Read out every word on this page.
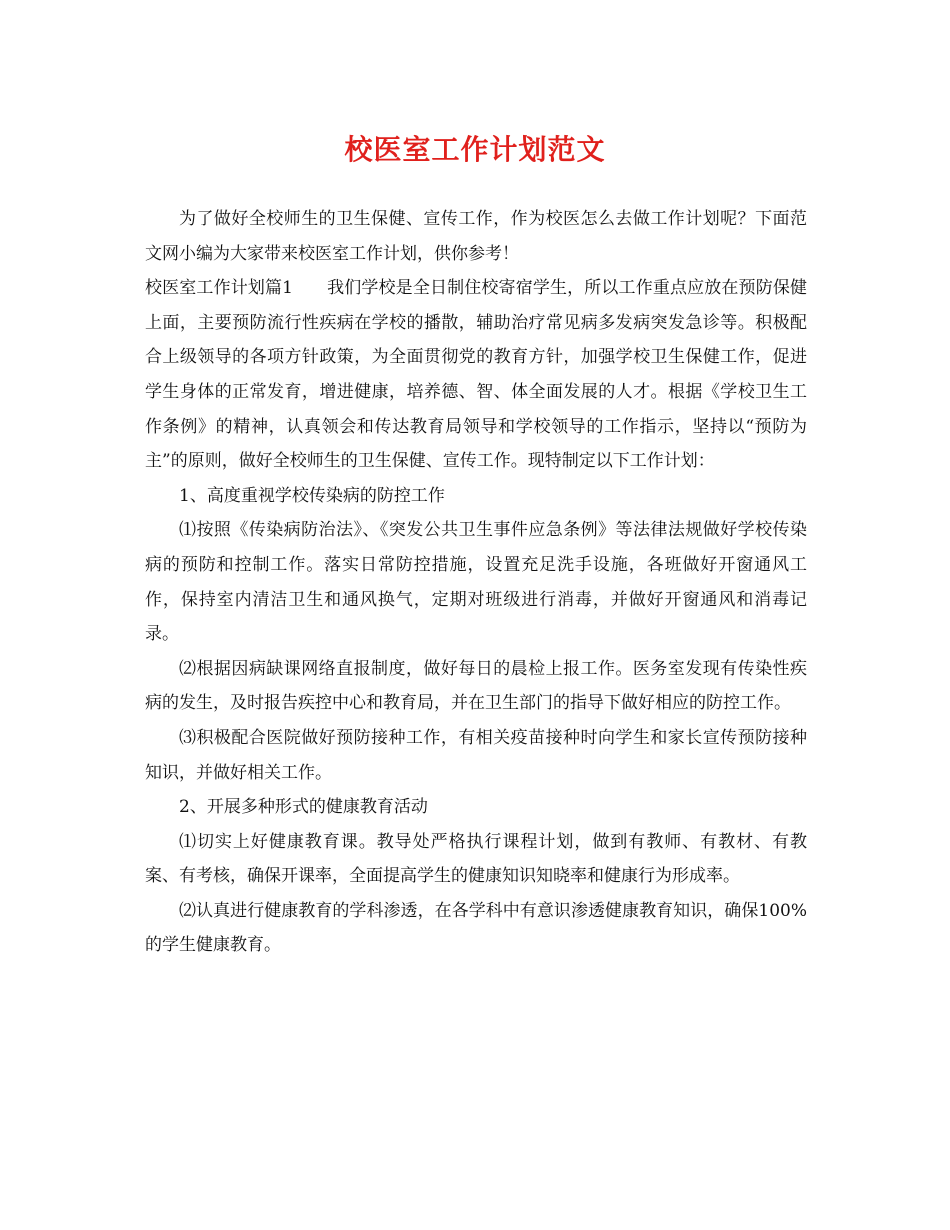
校医室工作计划范文

为了做好全校师生的卫生保健、宣传工作，作为校医怎么去做工作计划呢？下面范文网小编为大家带来校医室工作计划，供你参考！

校医室工作计划篇1 我们学校是全日制住校寄宿学生，所以工作重点应放在预防保健上面，主要预防流行性疾病在学校的播散，辅助治疗常见病多发病突发急诊等。积极配合上级领导的各项方针政策，为全面贯彻党的教育方针，加强学校卫生保健工作，促进学生身体的正常发育，增进健康，培养德、智、体全面发展的人才。根据《学校卫生工作条例》的精神，认真领会和传达教育局领导和学校领导的工作指示，坚持以“预防为主”的原则，做好全校师生的卫生保健、宣传工作。现特制定以下工作计划：

1、高度重视学校传染病的防控工作

⑴按照《传染病防治法》、《突发公共卫生事件应急条例》等法律法规做好学校传染病的预防和控制工作。落实日常防控措施，设置充足洗手设施，各班做好开窗通风工作，保持室内清洁卫生和通风换气，定期对班级进行消毒，并做好开窗通风和消毒记录。

⑵根据因病缺课网络直报制度，做好每日的晨检上报工作。医务室发现有传染性疾病的发生，及时报告疾控中心和教育局，并在卫生部门的指导下做好相应的防控工作。

⑶积极配合医院做好预防接种工作，有相关疫苗接种时向学生和家长宣传预防接种知识，并做好相关工作。

2、开展多种形式的健康教育活动

⑴切实上好健康教育课。教导处严格执行课程计划，做到有教师、有教材、有教案、有考核，确保开课率，全面提高学生的健康知识知晓率和健康行为形成率。

⑵认真进行健康教育的学科渗透，在各学科中有意识渗透健康教育知识，确保100%的学生健康教育。
